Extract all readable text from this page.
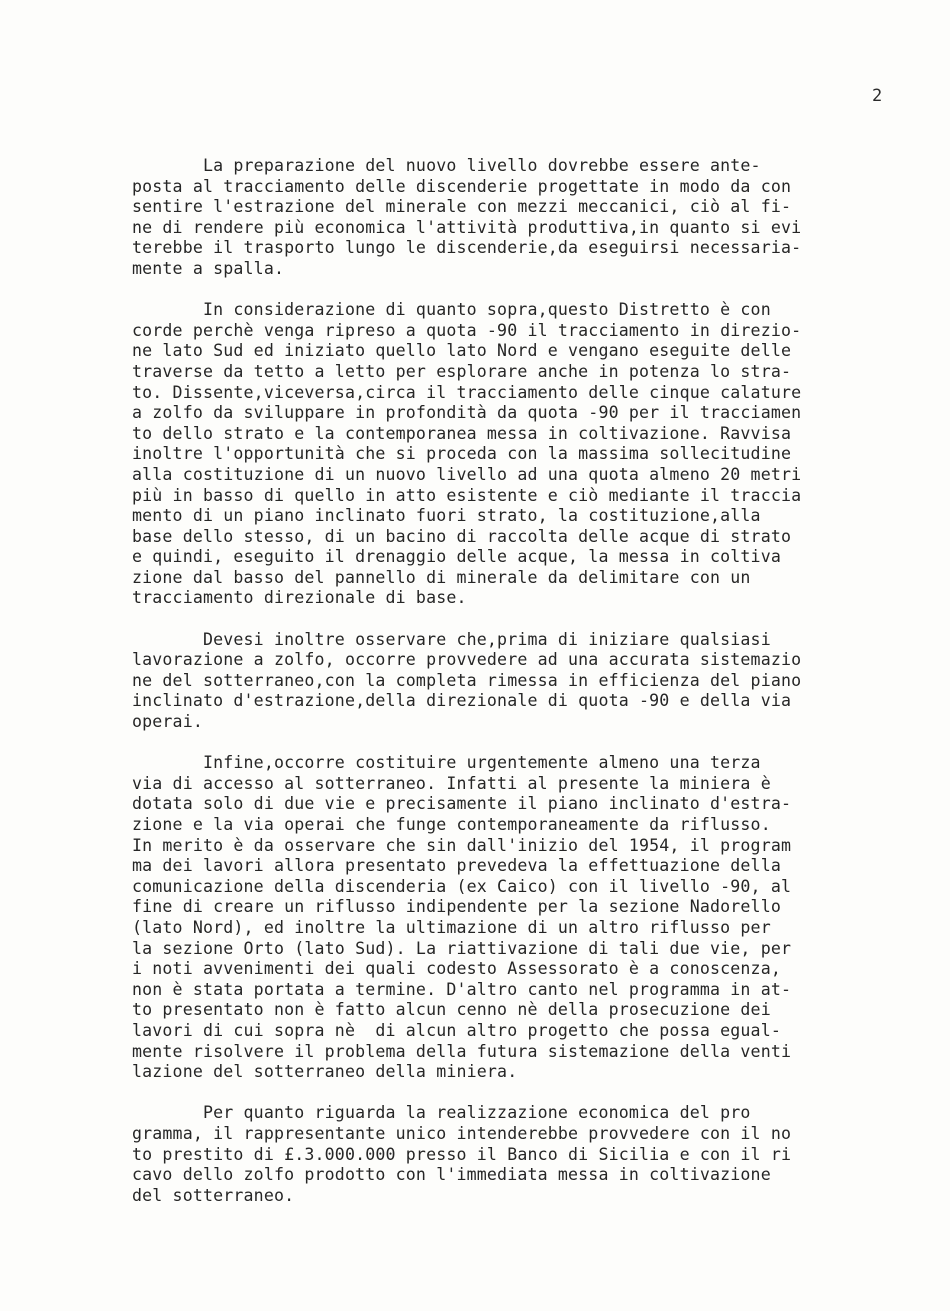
2

La preparazione del nuovo livello dovrebbe essere ante-
posta al tracciamento delle discenderie progettate in modo da con
sentire l'estrazione del minerale con mezzi meccanici, ciò al fi-
ne di rendere più economica l'attività produttiva,in quanto si evi
terebbe il trasporto lungo le discenderie,da eseguirsi necessaria-
mente a spalla.

In considerazione di quanto sopra,questo Distretto è con
corde perchè venga ripreso a quota -90 il tracciamento in direzio-
ne lato Sud ed iniziato quello lato Nord e vengano eseguite delle
traverse da tetto a letto per esplorare anche in potenza lo stra-
to. Dissente,viceversa,circa il tracciamento delle cinque calature
a zolfo da sviluppare in profondità da quota -90 per il tracciamen
to dello strato e la contemporanea messa in coltivazione. Ravvisa
inoltre l'opportunità che si proceda con la massima sollecitudine
alla costituzione di un nuovo livello ad una quota almeno 20 metri
più in basso di quello in atto esistente e ciò mediante il traccia
mento di un piano inclinato fuori strato, la costituzione,alla
base dello stesso, di un bacino di raccolta delle acque di strato
e quindi, eseguito il drenaggio delle acque, la messa in coltiva
zione dal basso del pannello di minerale da delimitare con un
tracciamento direzionale di base.

Devesi inoltre osservare che,prima di iniziare qualsiasi
lavorazione a zolfo, occorre provvedere ad una accurata sistemazio
ne del sotterraneo,con la completa rimessa in efficienza del piano
inclinato d'estrazione,della direzionale di quota -90 e della via
operai.

Infine,occorre costituire urgentemente almeno una terza
via di accesso al sotterraneo. Infatti al presente la miniera è
dotata solo di due vie e precisamente il piano inclinato d'estra-
zione e la via operai che funge contemporaneamente da riflusso.
In merito è da osservare che sin dall'inizio del 1954, il program
ma dei lavori allora presentato prevedeva la effettuazione della
comunicazione della discenderia (ex Caico) con il livello -90, al
fine di creare un riflusso indipendente per la sezione Nadorello
(lato Nord), ed inoltre la ultimazione di un altro riflusso per
la sezione Orto (lato Sud). La riattivazione di tali due vie, per
i noti avvenimenti dei quali codesto Assessorato è a conoscenza,
non è stata portata a termine. D'altro canto nel programma in at-
to presentato non è fatto alcun cenno nè della prosecuzione dei
lavori di cui sopra nè  di alcun altro progetto che possa egual-
mente risolvere il problema della futura sistemazione della venti
lazione del sotterraneo della miniera.

Per quanto riguarda la realizzazione economica del pro
gramma, il rappresentante unico intenderebbe provvedere con il no
to prestito di £.3.000.000 presso il Banco di Sicilia e con il ri
cavo dello zolfo prodotto con l'immediata messa in coltivazione
del sotterraneo.
